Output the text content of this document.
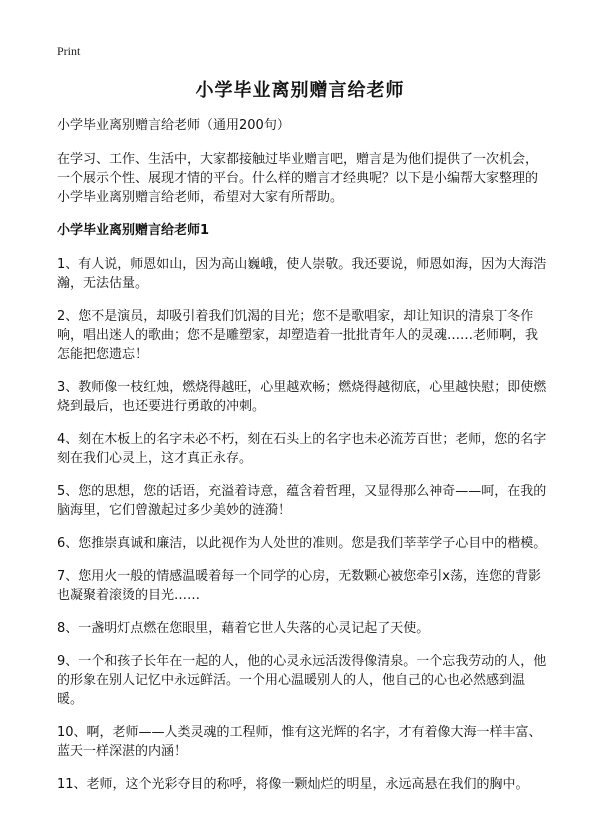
Print
小学毕业离别赠言给老师

小学毕业离别赠言给老师（通用200句）

在学习、工作、生活中，大家都接触过毕业赠言吧，赠言是为他们提供了一次机会，一个展示个性、展现才情的平台。什么样的赠言才经典呢？以下是小编帮大家整理的小学毕业离别赠言给老师，希望对大家有所帮助。

小学毕业离别赠言给老师1

1、有人说，师恩如山，因为高山巍峨，使人崇敬。我还要说，师恩如海，因为大海浩瀚，无法估量。

2、您不是演员，却吸引着我们饥渴的目光；您不是歌唱家，却让知识的清泉丁冬作响，唱出迷人的歌曲；您不是雕塑家，却塑造着一批批青年人的灵魂……老师啊，我怎能把您遗忘！

3、教师像一枝红烛，燃烧得越旺，心里越欢畅；燃烧得越彻底，心里越快慰；即使燃烧到最后，也还要进行勇敢的冲刺。

4、刻在木板上的名字未必不朽，刻在石头上的名字也未必流芳百世；老师，您的名字刻在我们心灵上，这才真正永存。

5、您的思想，您的话语，充溢着诗意，蕴含着哲理，又显得那么神奇——呵，在我的脑海里，它们曾激起过多少美妙的涟漪！

6、您推崇真诚和廉洁，以此视作为人处世的准则。您是我们莘莘学子心目中的楷模。

7、您用火一般的情感温暖着每一个同学的心房，无数颗心被您牵引ⅹ荡，连您的背影也凝聚着滚烫的目光……

8、一盏明灯点燃在您眼里，藉着它世人失落的心灵记起了天使。

9、一个和孩子长年在一起的人，他的心灵永远活泼得像清泉。一个忘我劳动的人，他的形象在别人记忆中永远鲜活。一个用心温暖别人的人，他自己的心也必然感到温暖。

10、啊，老师——人类灵魂的工程师，惟有这光辉的名字，才有着像大海一样丰富、蓝天一样深湛的内涵！

11、老师，这个光彩夺目的称呼，将像一颗灿烂的明星，永远高悬在我们的胸中。
